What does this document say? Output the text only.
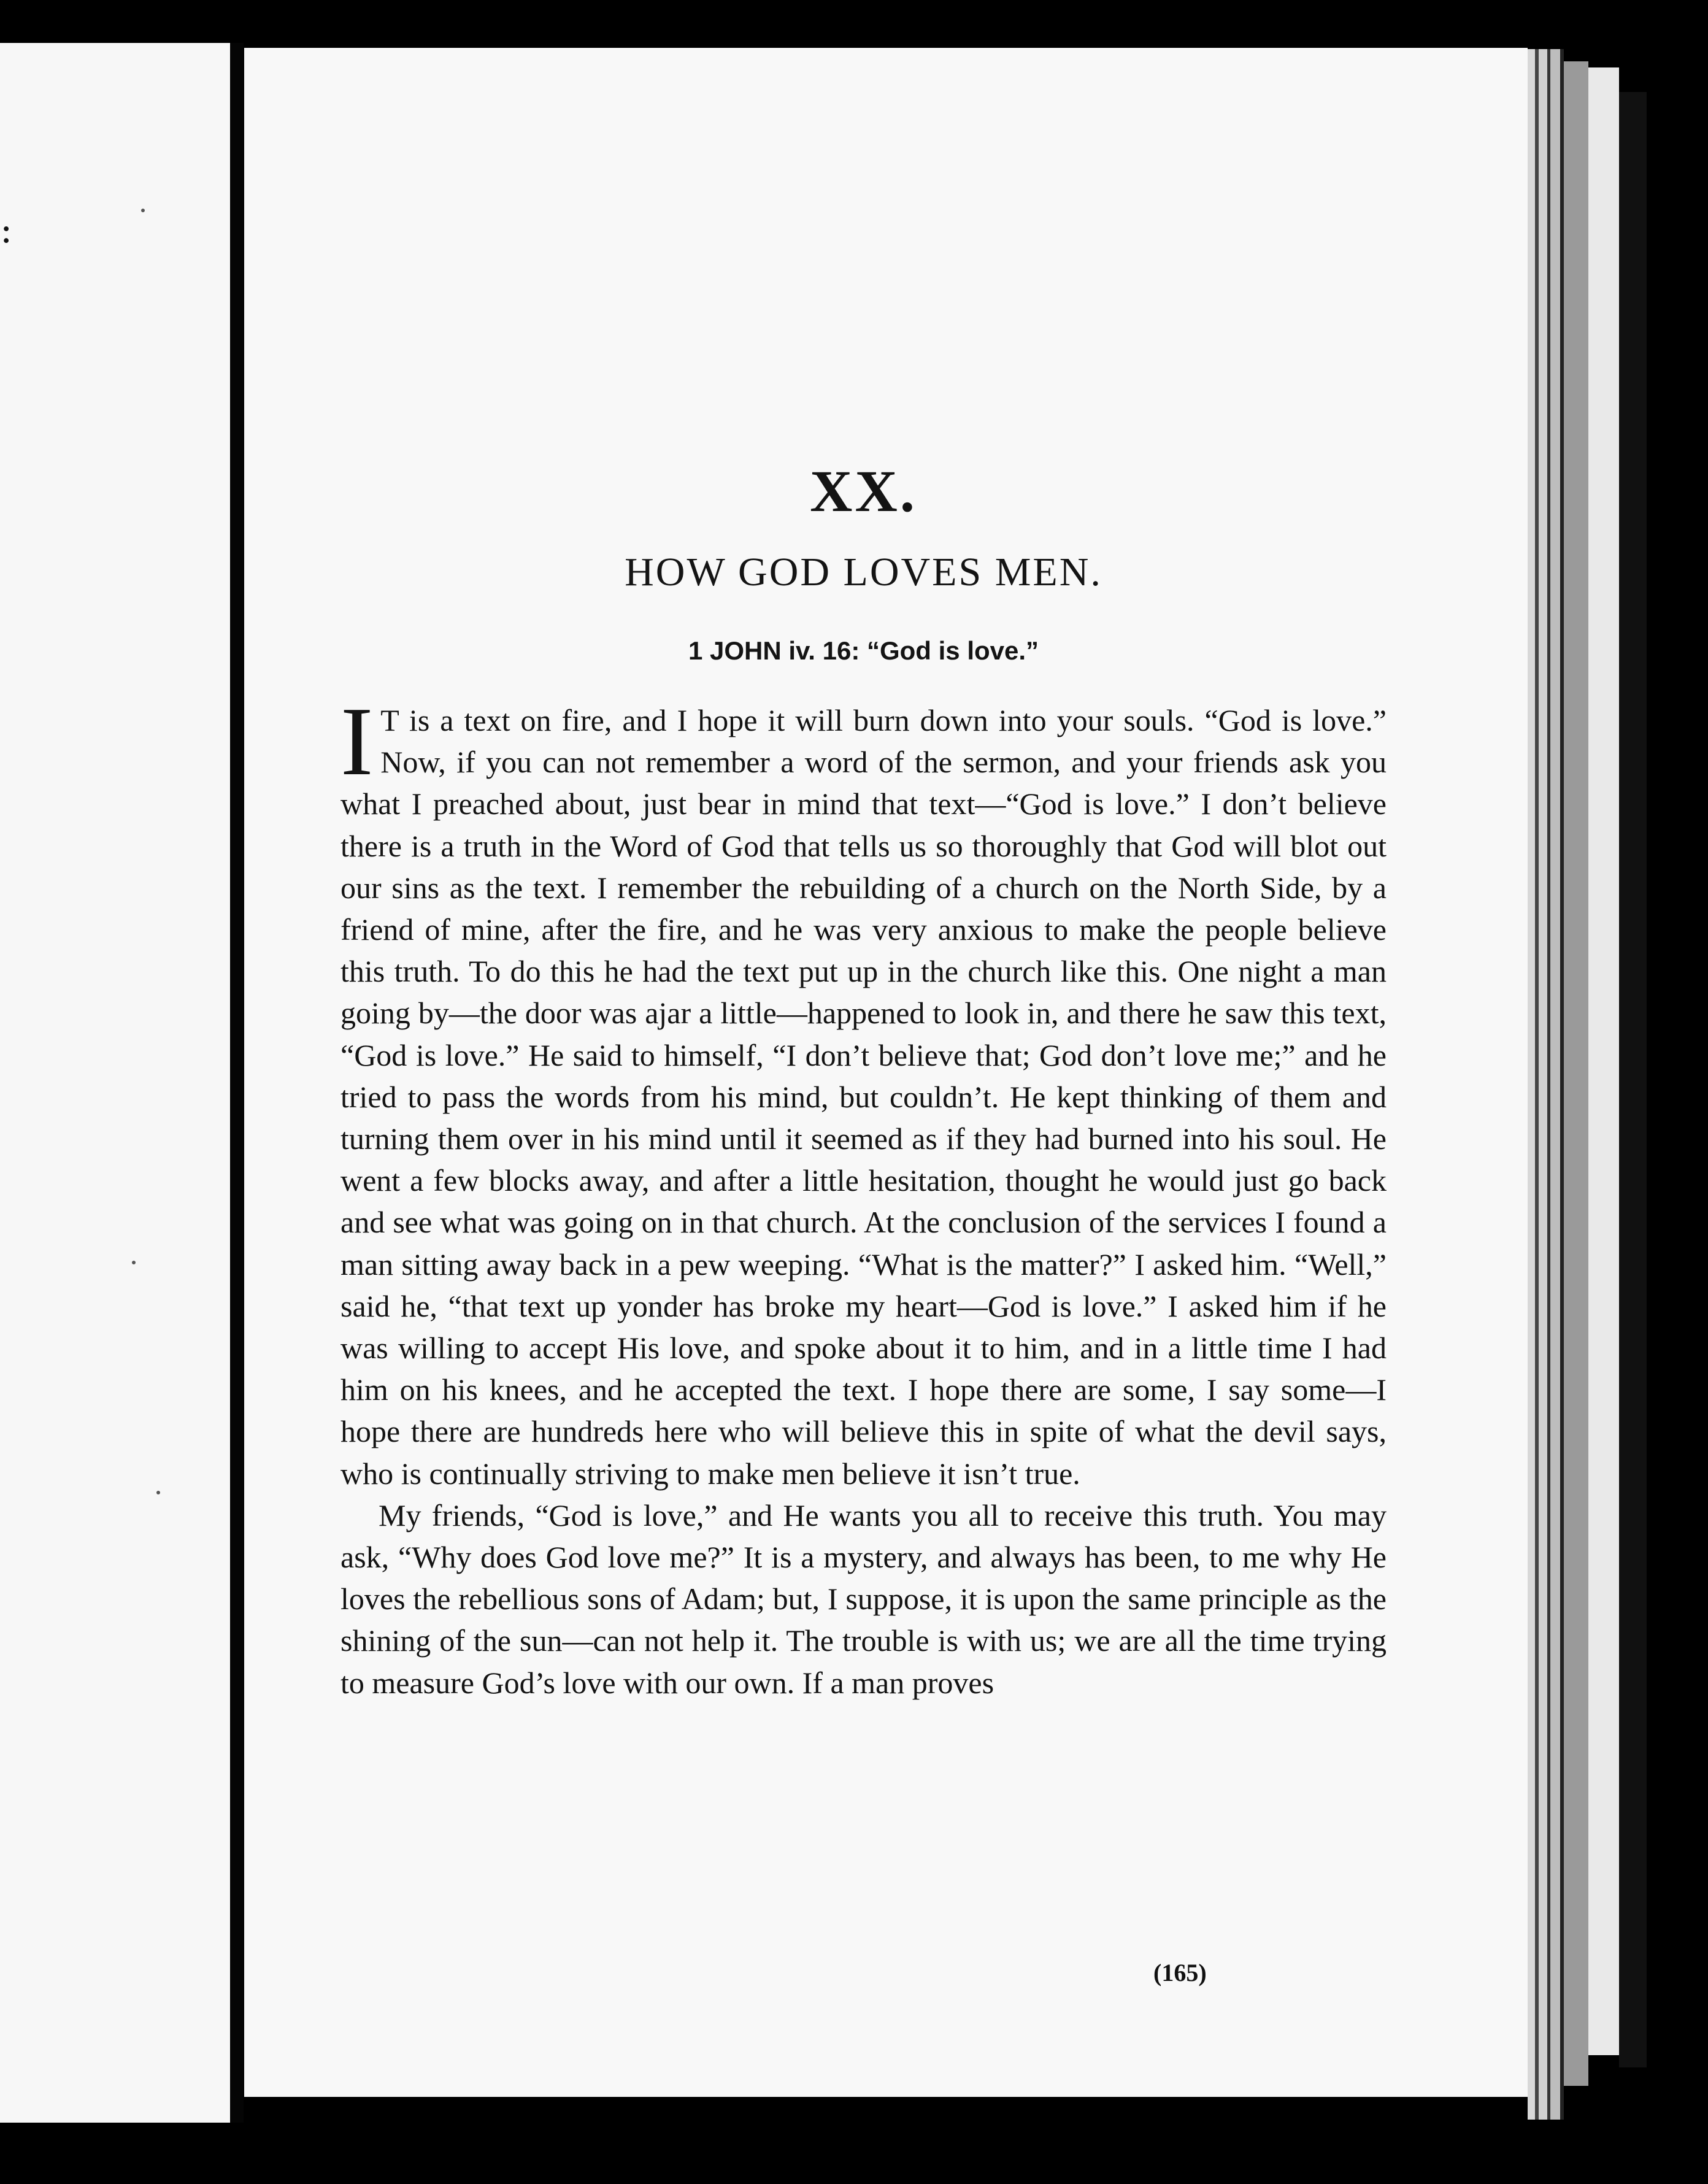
:
XX.
HOW GOD LOVES MEN.
1 JOHN iv. 16: “God is love.”

I T is a text on fire, and I hope it will burn down into your souls. “God is love.” Now, if you can not remember a word of the sermon, and your friends ask you what I preached about, just bear in mind that text—“God is love.” I don’t believe there is a truth in the Word of God that tells us so thoroughly that God will blot out our sins as the text. I remember the rebuilding of a church on the North Side, by a friend of mine, after the fire, and he was very anxious to make the people believe this truth. To do this he had the text put up in the church like this. One night a man going by—the door was ajar a little—happened to look in, and there he saw this text, “God is love.” He said to himself, “I don’t believe that; God don’t love me;” and he tried to pass the words from his mind, but couldn’t. He kept thinking of them and turning them over in his mind until it seemed as if they had burned into his soul. He went a few blocks away, and after a little hesitation, thought he would just go back and see what was going on in that church. At the conclusion of the services I found a man sitting away back in a pew weeping. “What is the matter?” I asked him. “Well,” said he, “that text up yonder has broke my heart—God is love.” I asked him if he was willing to accept His love, and spoke about it to him, and in a little time I had him on his knees, and he accepted the text. I hope there are some, I say some—I hope there are hundreds here who will believe this in spite of what the devil says, who is continually striving to make men believe it isn’t true.

My friends, “God is love,” and He wants you all to receive this truth. You may ask, “Why does God love me?” It is a mystery, and always has been, to me why He loves the rebellious sons of Adam; but, I suppose, it is upon the same principle as the shining of the sun—can not help it. The trouble is with us; we are all the time trying to measure God’s love with our own. If a man proves

(165)
